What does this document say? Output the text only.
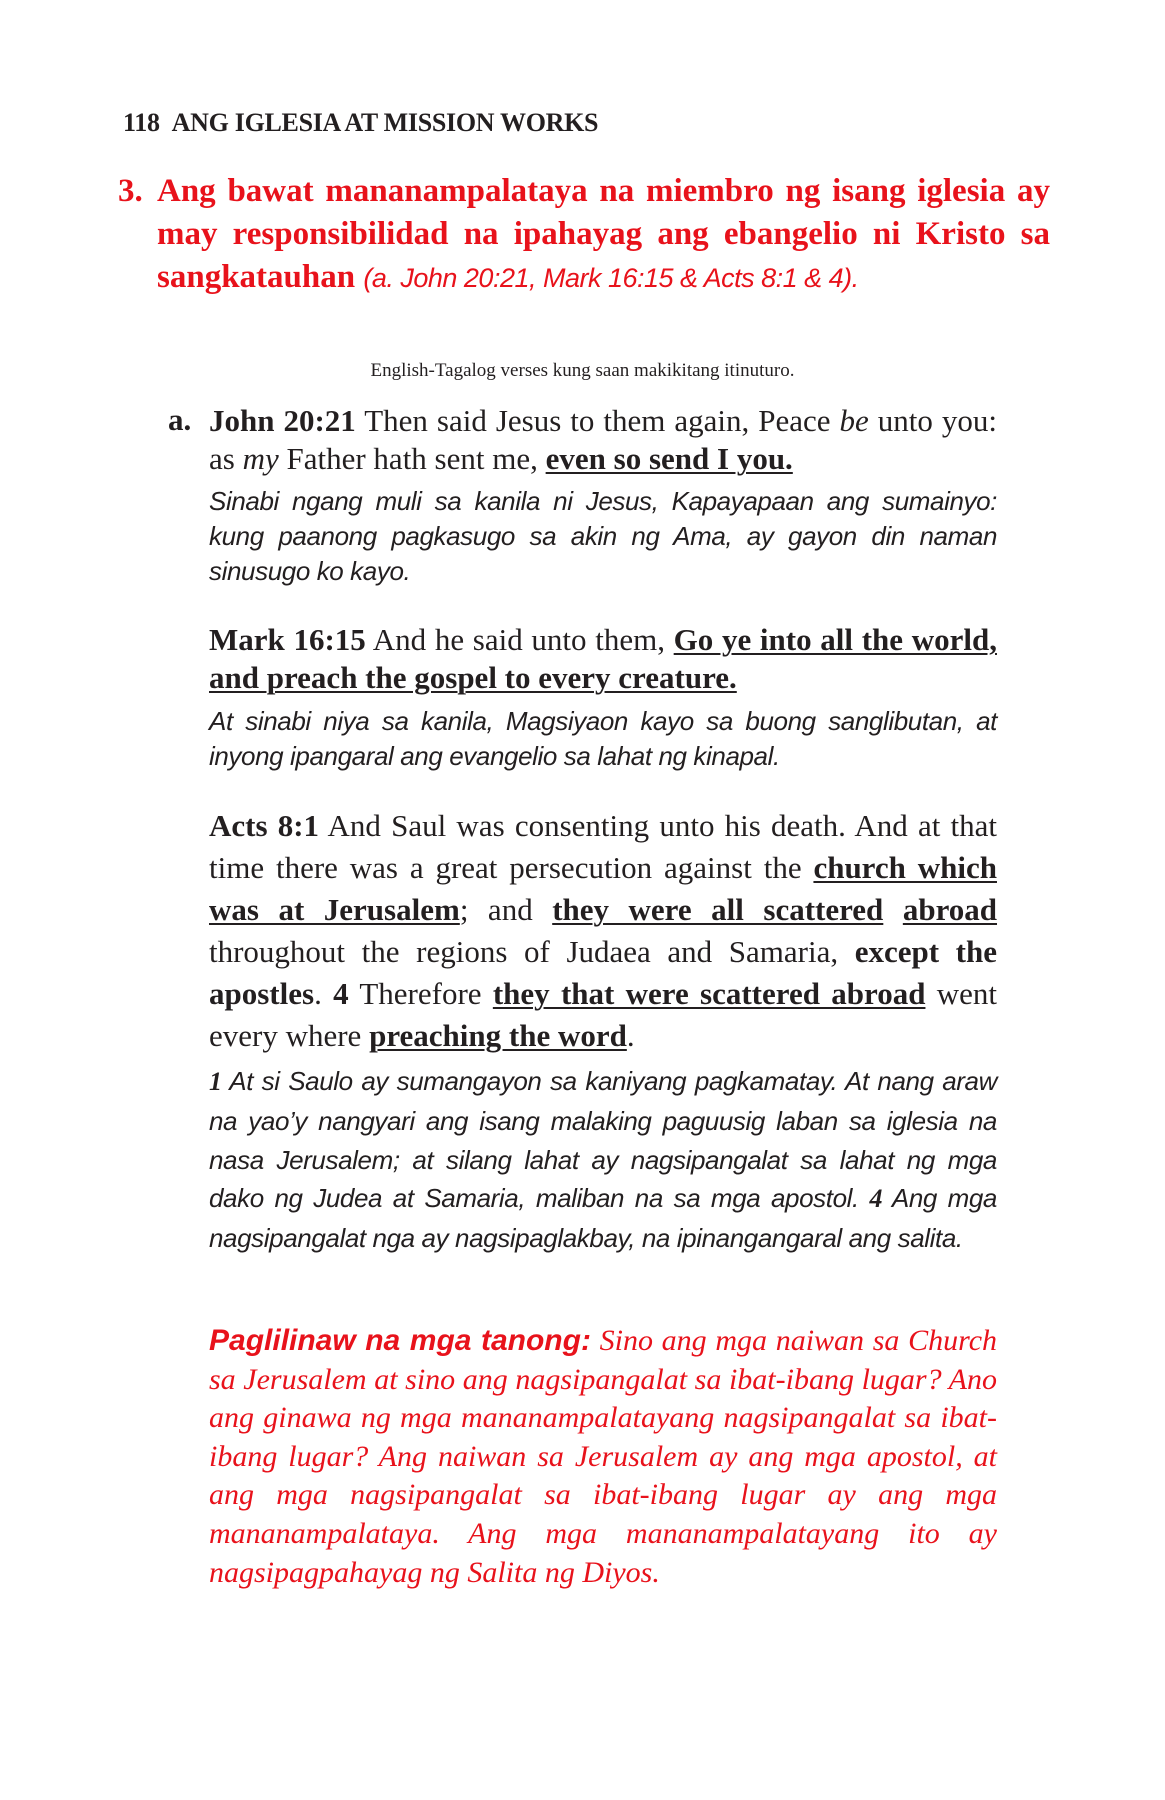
118 ANG IGLESIA AT MISSION WORKS
3. Ang bawat mananampalataya na miembro ng isang iglesia ay may responsibilidad na ipahayag ang ebangelio ni Kristo sa sangkatauhan (a. John 20:21, Mark 16:15 & Acts 8:1 & 4).
English-Tagalog verses kung saan makikitang itinuturo.
a. John 20:21 Then said Jesus to them again, Peace be unto you: as my Father hath sent me, even so send I you.
Sinabi ngang muli sa kanila ni Jesus, Kapayapaan ang sumainyo: kung paanong pagkasugo sa akin ng Ama, ay gayon din naman sinusugo ko kayo.
Mark 16:15 And he said unto them, Go ye into all the world, and preach the gospel to every creature.
At sinabi niya sa kanila, Magsiyaon kayo sa buong sanglibutan, at inyong ipangaral ang evangelio sa lahat ng kinapal.
Acts 8:1 And Saul was consenting unto his death. And at that time there was a great persecution against the church which was at Jerusalem; and they were all scattered abroad throughout the regions of Judaea and Samaria, except the apostles. 4 Therefore they that were scattered abroad went every where preaching the word.
1 At si Saulo ay sumangayon sa kaniyang pagkamatay. At nang araw na yao’y nangyari ang isang malaking paguusig laban sa iglesia na nasa Jerusalem; at silang lahat ay nagsipangalat sa lahat ng mga dako ng Judea at Samaria, maliban na sa mga apostol. 4 Ang mga nagsipangalat nga ay nagsipaglakbay, na ipinangangaral ang salita.
Paglilinaw na mga tanong: Sino ang mga naiwan sa Church sa Jerusalem at sino ang nagsipangalat sa ibat-ibang lugar? Ano ang ginawa ng mga mananampalatayang nagsipangalat sa ibat-ibang lugar? Ang naiwan sa Jerusalem ay ang mga apostol, at ang mga nagsipangalat sa ibat-ibang lugar ay ang mga mananampalataya. Ang mga mananampalatayang ito ay nagsipagpahayag ng Salita ng Diyos.
